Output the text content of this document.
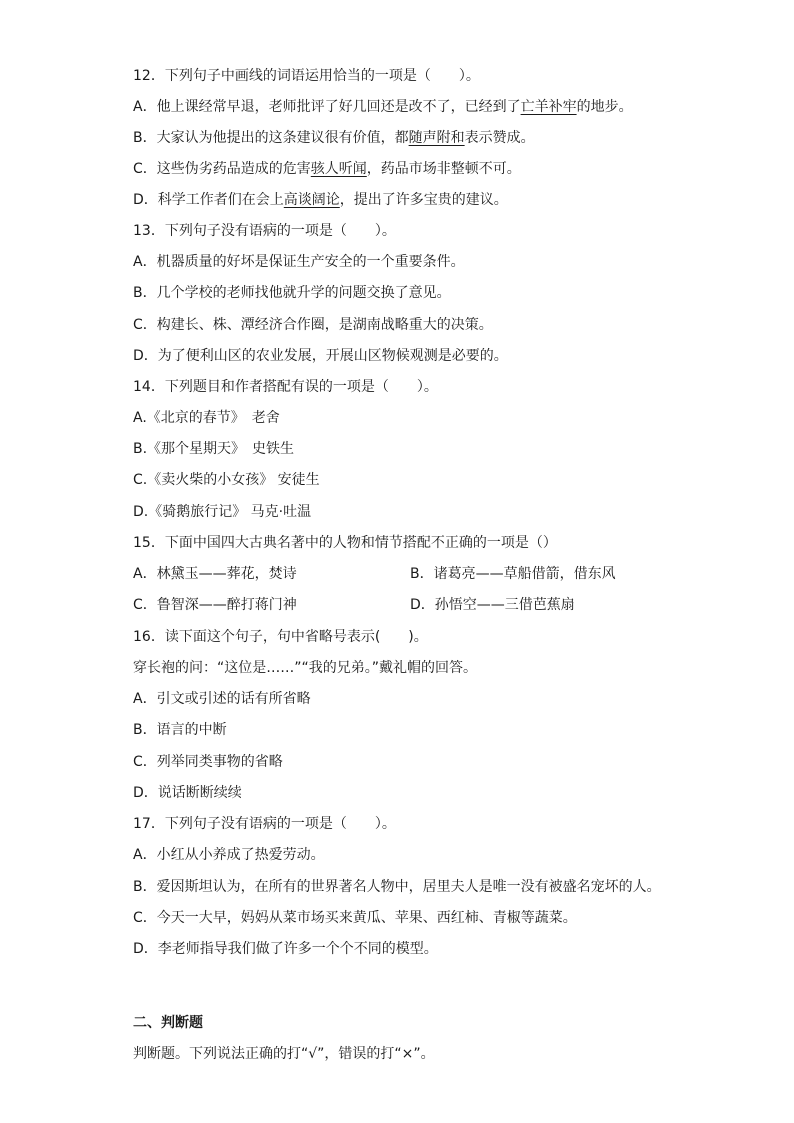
12．下列句子中画线的词语运用恰当的一项是（　　）。
A．他上课经常早退，老师批评了好几回还是改不了，已经到了亡羊补牢的地步。
B．大家认为他提出的这条建议很有价值，都随声附和表示赞成。
C．这些伪劣药品造成的危害骇人听闻，药品市场非整顿不可。
D．科学工作者们在会上高谈阔论，提出了许多宝贵的建议。
13．下列句子没有语病的一项是（　　）。
A．机器质量的好坏是保证生产安全的一个重要条件。
B．几个学校的老师找他就升学的问题交换了意见。
C．构建长、株、潭经济合作圈，是湖南战略重大的决策。
D．为了便利山区的农业发展，开展山区物候观测是必要的。
14．下列题目和作者搭配有误的一项是（　　）。
A.《北京的春节》　老舍
B.《那个星期天》　史铁生
C.《卖火柴的小女孩》 安徒生
D.《骑鹅旅行记》 马克·吐温
15．下面中国四大古典名著中的人物和情节搭配不正确的一项是（）
A．林黛玉——葬花，焚诗	B．诸葛亮——草船借箭，借东风
C．鲁智深——醉打蒋门神	D．孙悟空——三借芭蕉扇
16．读下面这个句子，句中省略号表示(　　)。
穿长袍的问：“这位是……”“我的兄弟。”戴礼帽的回答。
A．引文或引述的话有所省略
B．语言的中断
C．列举同类事物的省略
D．说话断断续续
17．下列句子没有语病的一项是（　　）。
A．小红从小养成了热爱劳动。
B．爱因斯坦认为，在所有的世界著名人物中，居里夫人是唯一没有被盛名宠坏的人。
C．今天一大早，妈妈从菜市场买来黄瓜、苹果、西红柿、青椒等蔬菜。
D．李老师指导我们做了许多一个个不同的模型。
二、判断题
判断题。下列说法正确的打“√”，错误的打“×”。
